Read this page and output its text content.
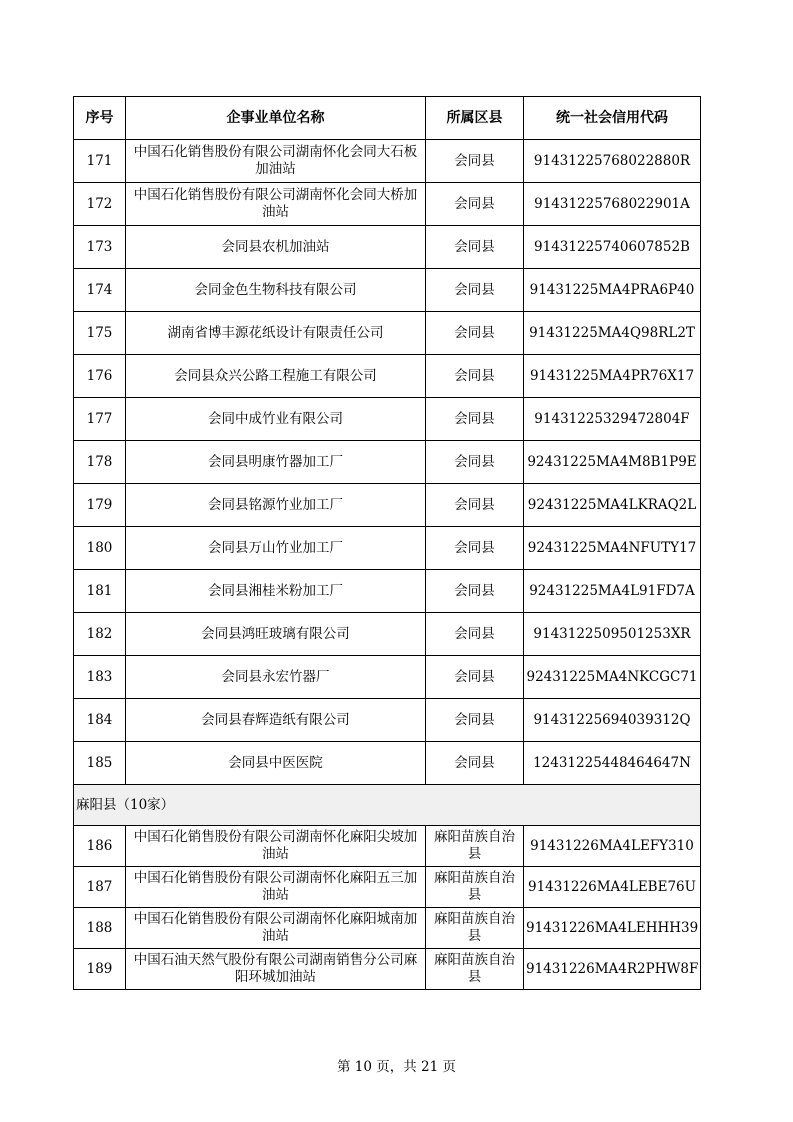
序号	企事业单位名称	所属区县	统一社会信用代码
171	中国石化销售股份有限公司湖南怀化会同大石板加油站	会同县	91431225768022880R
172	中国石化销售股份有限公司湖南怀化会同大桥加油站	会同县	91431225768022901A
173	会同县农机加油站	会同县	91431225740607852B
174	会同金色生物科技有限公司	会同县	91431225MA4PRA6P40
175	湖南省博丰源花纸设计有限责任公司	会同县	91431225MA4Q98RL2T
176	会同县众兴公路工程施工有限公司	会同县	91431225MA4PR76X17
177	会同中成竹业有限公司	会同县	91431225329472804F
178	会同县明康竹器加工厂	会同县	92431225MA4M8B1P9E
179	会同县铭源竹业加工厂	会同县	92431225MA4LKRAQ2L
180	会同县万山竹业加工厂	会同县	92431225MA4NFUTY17
181	会同县湘桂米粉加工厂	会同县	92431225MA4L91FD7A
182	会同县鸿旺玻璃有限公司	会同县	9143122509501253XR
183	会同县永宏竹器厂	会同县	92431225MA4NKCGC71
184	会同县春辉造纸有限公司	会同县	91431225694039312Q
185	会同县中医医院	会同县	12431225448464647N
麻阳县（10家）			
186	中国石化销售股份有限公司湖南怀化麻阳尖坡加油站	麻阳苗族自治县	91431226MA4LEFY310
187	中国石化销售股份有限公司湖南怀化麻阳五三加油站	麻阳苗族自治县	91431226MA4LEBE76U
188	中国石化销售股份有限公司湖南怀化麻阳城南加油站	麻阳苗族自治县	91431226MA4LEHHH39
189	中国石油天然气股份有限公司湖南销售分公司麻阳环城加油站	麻阳苗族自治县	91431226MA4R2PHW8F
第 10 页，共 21 页
